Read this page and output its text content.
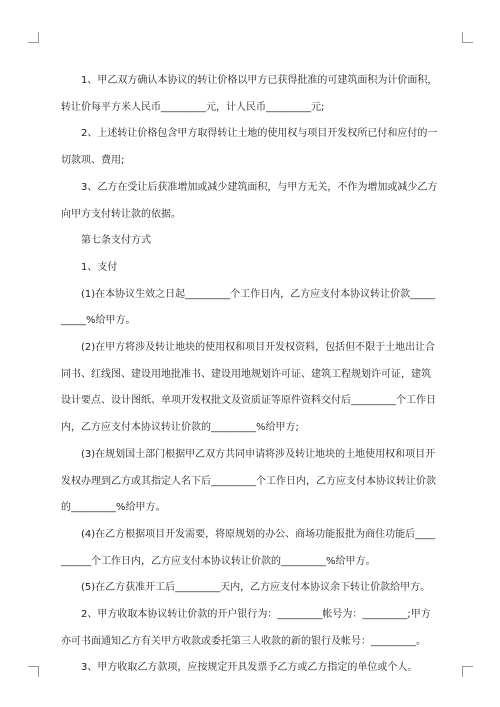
1、甲乙双方确认本协议的转让价格以甲方已获得批准的可建筑面积为计价面积，转让价每平方米人民币_________元，计人民币_________元;

2、上述转让价格包含甲方取得转让土地的使用权与项目开发权所已付和应付的一切款项、费用;

3、乙方在受让后获准增加或减少建筑面积，与甲方无关，不作为增加或减少乙方向甲方支付转让款的依据。

第七条支付方式

1、支付

(1)在本协议生效之日起_________个工作日内，乙方应支付本协议转让价款__________%给甲方。

(2)在甲方将涉及转让地块的使用权和项目开发权资料，包括但不限于土地出让合同书、红线图、建设用地批准书、建设用地规划许可证、建筑工程规划许可证，建筑设计要点、设计图纸、单项开发权批文及资质证等原件资料交付后_________个工作日内，乙方应支付本协议转让价款的_________%给甲方;

(3)在规划国土部门根据甲乙双方共同申请将涉及转让地块的土地使用权和项目开发权办理到乙方或其指定人名下后_________个工作日内，乙方应支付本协议转让价款的_________%给甲方。

(4)在乙方根据项目开发需要，将原规划的办公、商场功能报批为商住功能后__________个工作日内，乙方应支付本协议转让价款的_________%给甲方。

(5)在乙方获准开工后_________天内，乙方应支付本协议余下转让价款给甲方。

2、甲方收取本协议转让价款的开户银行为：_________帐号为：_________;甲方亦可书面通知乙方有关甲方收款或委托第三人收款的新的银行及帐号：_________。

3、甲方收取乙方款项，应按规定开具发票予乙方或乙方指定的单位或个人。
